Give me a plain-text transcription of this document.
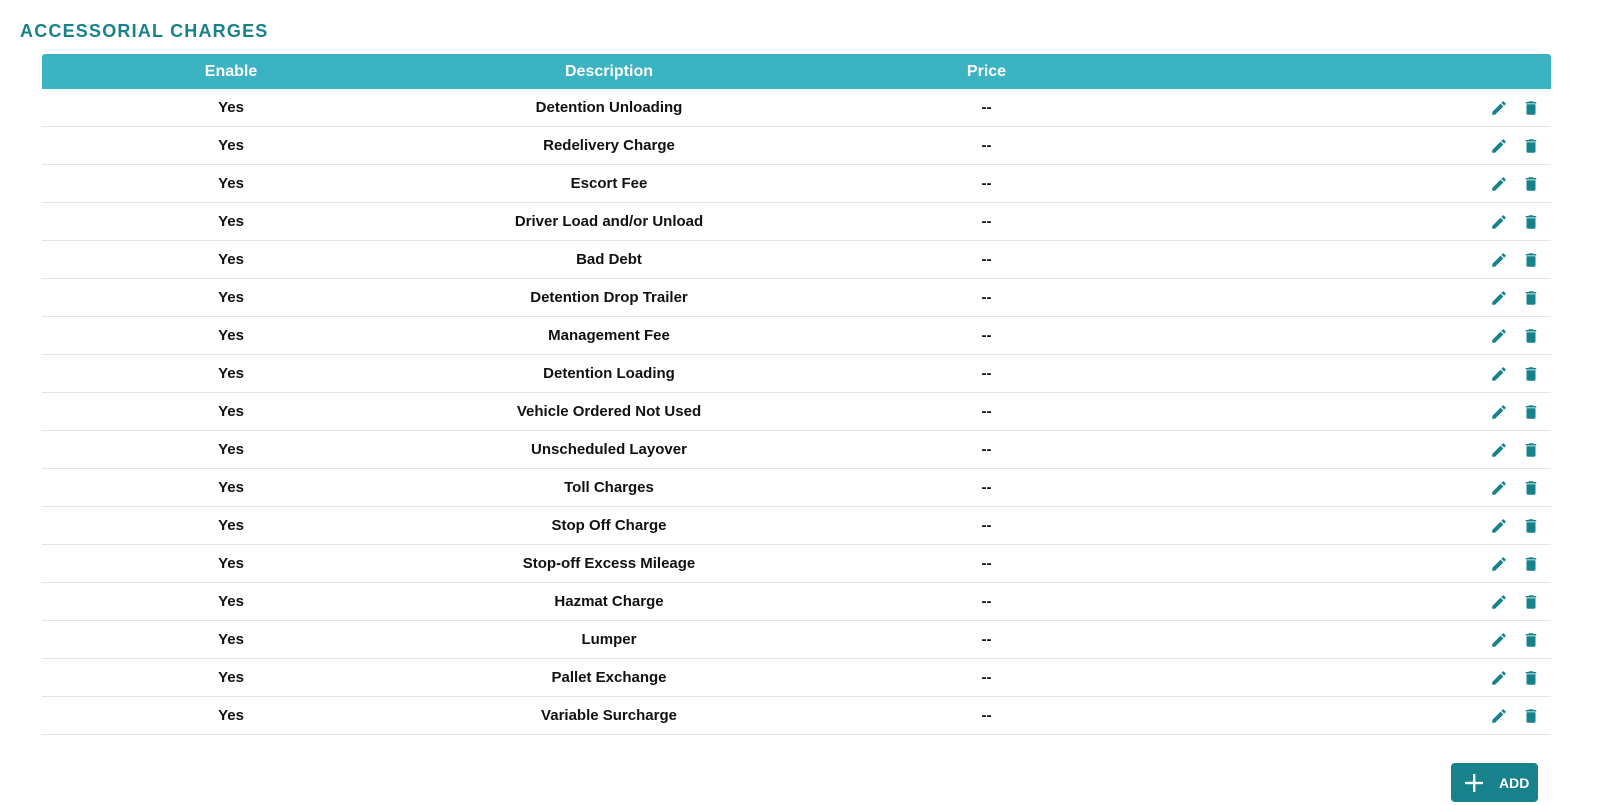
ACCESSORIAL CHARGES
Enable	Description	Price
Yes	Detention Unloading	--
Yes	Redelivery Charge	--
Yes	Escort Fee	--
Yes	Driver Load and/or Unload	--
Yes	Bad Debt	--
Yes	Detention Drop Trailer	--
Yes	Management Fee	--
Yes	Detention Loading	--
Yes	Vehicle Ordered Not Used	--
Yes	Unscheduled Layover	--
Yes	Toll Charges	--
Yes	Stop Off Charge	--
Yes	Stop-off Excess Mileage	--
Yes	Hazmat Charge	--
Yes	Lumper	--
Yes	Pallet Exchange	--
Yes	Variable Surcharge	--
ADD
